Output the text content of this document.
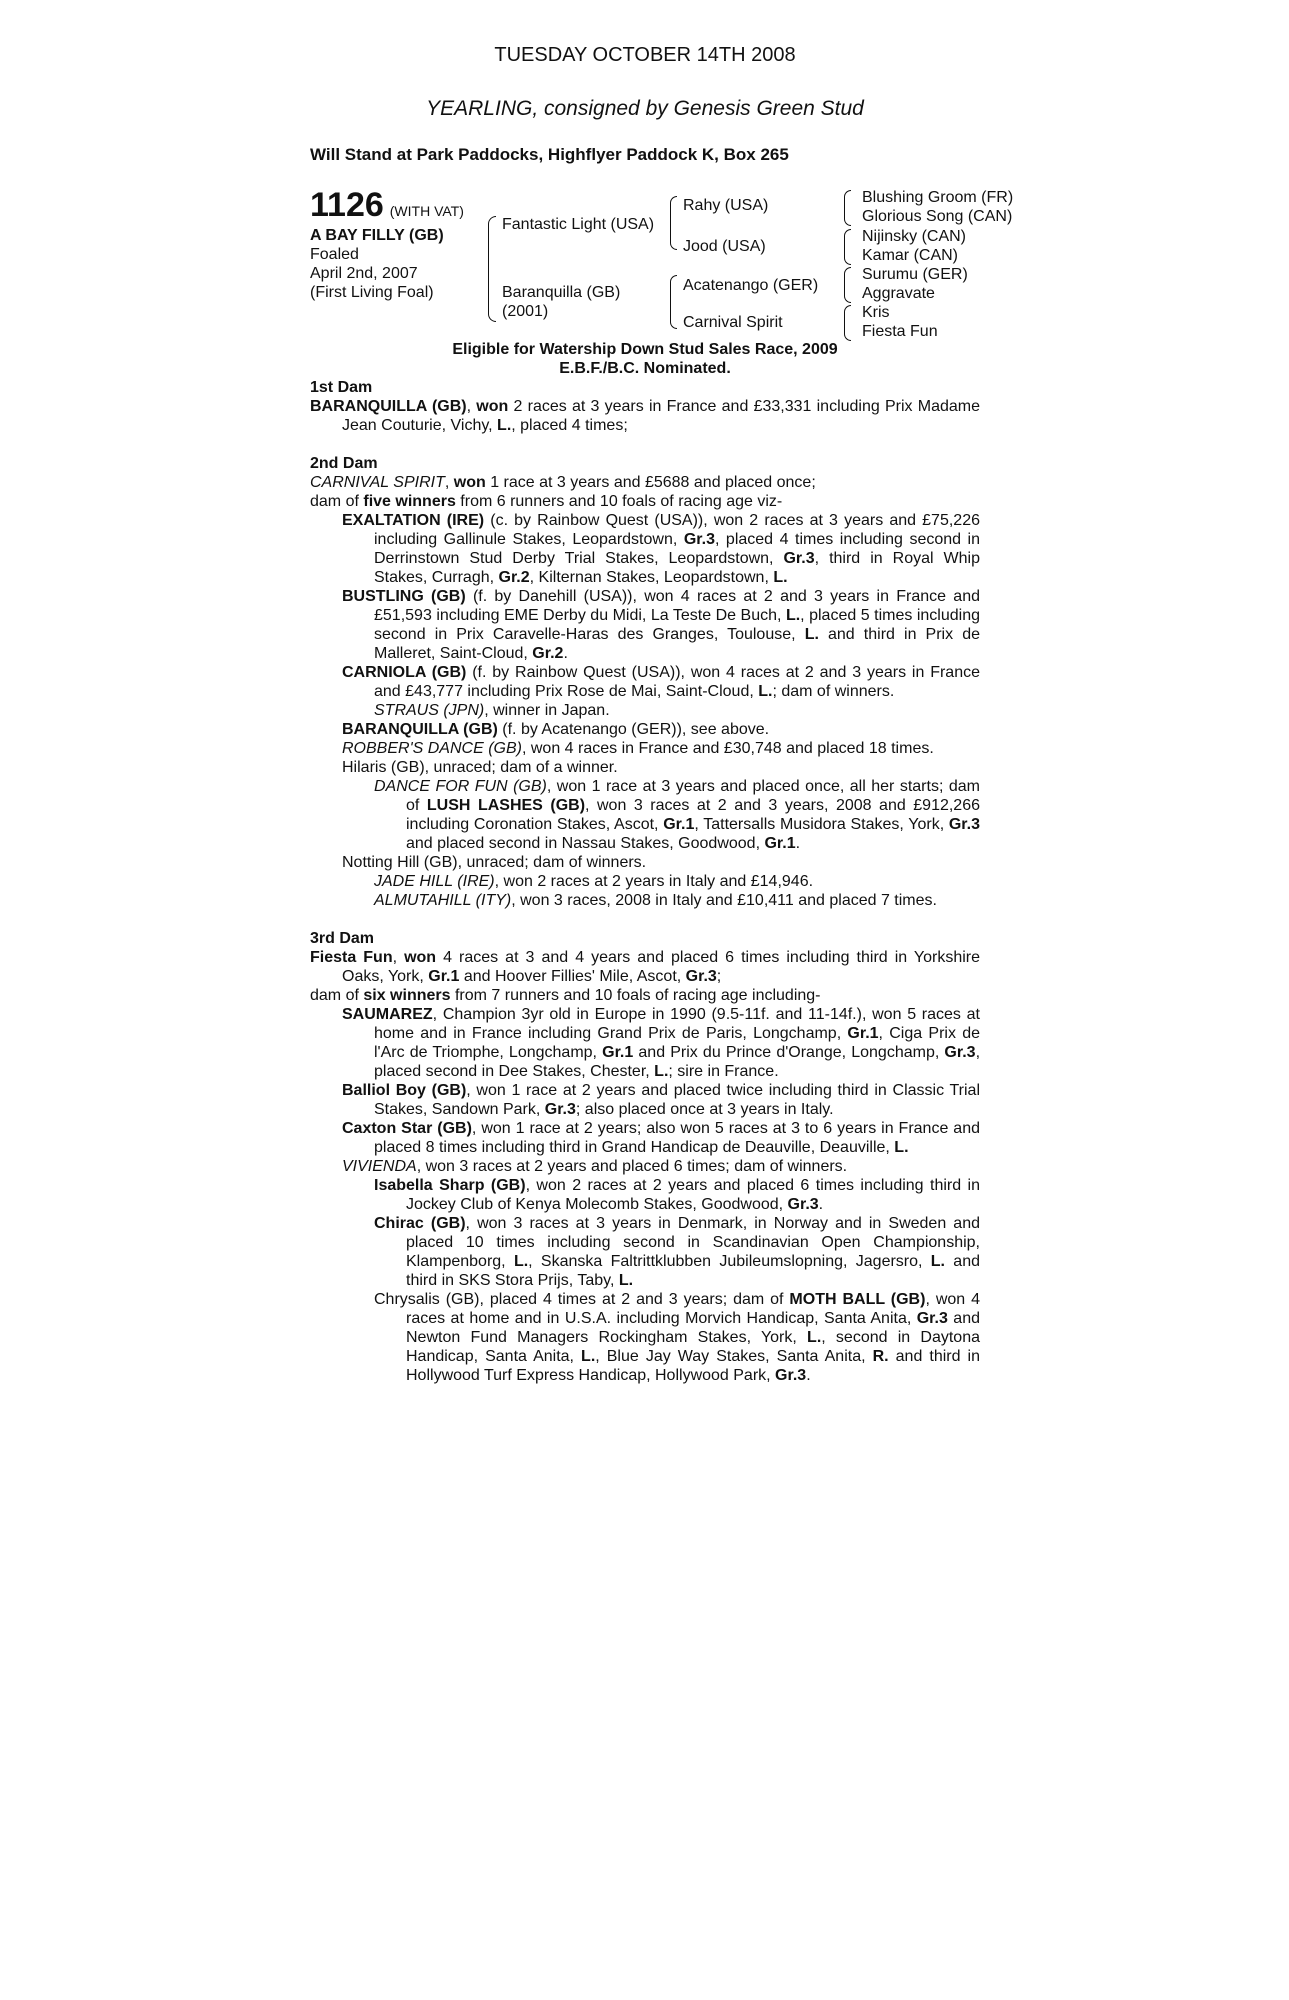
TUESDAY OCTOBER 14TH 2008
YEARLING, consigned by Genesis Green Stud
Will Stand at Park Paddocks, Highflyer Paddock K, Box 265
1126 (WITH VAT)
A BAY FILLY (GB)
Foaled
April 2nd, 2007
(First Living Foal)
Fantastic Light (USA)
Baranquilla (GB)
(2001)
Rahy (USA)
Jood (USA)
Acatenango (GER)
Carnival Spirit
Blushing Groom (FR)
Glorious Song (CAN)
Nijinsky (CAN)
Kamar (CAN)
Surumu (GER)
Aggravate
Kris
Fiesta Fun
Eligible for Watership Down Stud Sales Race, 2009
E.B.F./B.C. Nominated.

1st Dam

BARANQUILLA (GB), won 2 races at 3 years in France and £33,331 including Prix Madame Jean Couturie, Vichy, L., placed 4 times;

2nd Dam

CARNIVAL SPIRIT, won 1 race at 3 years and £5688 and placed once;

dam of five winners from 6 runners and 10 foals of racing age viz-

EXALTATION (IRE) (c. by Rainbow Quest (USA)), won 2 races at 3 years and £75,226 including Gallinule Stakes, Leopardstown, Gr.3, placed 4 times including second in Derrinstown Stud Derby Trial Stakes, Leopardstown, Gr.3, third in Royal Whip Stakes, Curragh, Gr.2, Kilternan Stakes, Leopardstown, L.

BUSTLING (GB) (f. by Danehill (USA)), won 4 races at 2 and 3 years in France and £51,593 including EME Derby du Midi, La Teste De Buch, L., placed 5 times including second in Prix Caravelle-Haras des Granges, Toulouse, L. and third in Prix de Malleret, Saint-Cloud, Gr.2.

CARNIOLA (GB) (f. by Rainbow Quest (USA)), won 4 races at 2 and 3 years in France and £43,777 including Prix Rose de Mai, Saint-Cloud, L.; dam of winners.

STRAUS (JPN), winner in Japan.

BARANQUILLA (GB) (f. by Acatenango (GER)), see above.

ROBBER'S DANCE (GB), won 4 races in France and £30,748 and placed 18 times.

Hilaris (GB), unraced; dam of a winner.

DANCE FOR FUN (GB), won 1 race at 3 years and placed once, all her starts; dam of LUSH LASHES (GB), won 3 races at 2 and 3 years, 2008 and £912,266 including Coronation Stakes, Ascot, Gr.1, Tattersalls Musidora Stakes, York, Gr.3 and placed second in Nassau Stakes, Goodwood, Gr.1.

Notting Hill (GB), unraced; dam of winners.

JADE HILL (IRE), won 2 races at 2 years in Italy and £14,946.

ALMUTAHILL (ITY), won 3 races, 2008 in Italy and £10,411 and placed 7 times.

3rd Dam

Fiesta Fun, won 4 races at 3 and 4 years and placed 6 times including third in Yorkshire Oaks, York, Gr.1 and Hoover Fillies' Mile, Ascot, Gr.3;

dam of six winners from 7 runners and 10 foals of racing age including-

SAUMAREZ, Champion 3yr old in Europe in 1990 (9.5-11f. and 11-14f.), won 5 races at home and in France including Grand Prix de Paris, Longchamp, Gr.1, Ciga Prix de l'Arc de Triomphe, Longchamp, Gr.1 and Prix du Prince d'Orange, Longchamp, Gr.3, placed second in Dee Stakes, Chester, L.; sire in France.

Balliol Boy (GB), won 1 race at 2 years and placed twice including third in Classic Trial Stakes, Sandown Park, Gr.3; also placed once at 3 years in Italy.

Caxton Star (GB), won 1 race at 2 years; also won 5 races at 3 to 6 years in France and placed 8 times including third in Grand Handicap de Deauville, Deauville, L.

VIVIENDA, won 3 races at 2 years and placed 6 times; dam of winners.

Isabella Sharp (GB), won 2 races at 2 years and placed 6 times including third in Jockey Club of Kenya Molecomb Stakes, Goodwood, Gr.3.

Chirac (GB), won 3 races at 3 years in Denmark, in Norway and in Sweden and placed 10 times including second in Scandinavian Open Championship, Klampenborg, L., Skanska Faltrittklubben Jubileumslopning, Jagersro, L. and third in SKS Stora Prijs, Taby, L.

Chrysalis (GB), placed 4 times at 2 and 3 years; dam of MOTH BALL (GB), won 4 races at home and in U.S.A. including Morvich Handicap, Santa Anita, Gr.3 and Newton Fund Managers Rockingham Stakes, York, L., second in Daytona Handicap, Santa Anita, L., Blue Jay Way Stakes, Santa Anita, R. and third in Hollywood Turf Express Handicap, Hollywood Park, Gr.3.
